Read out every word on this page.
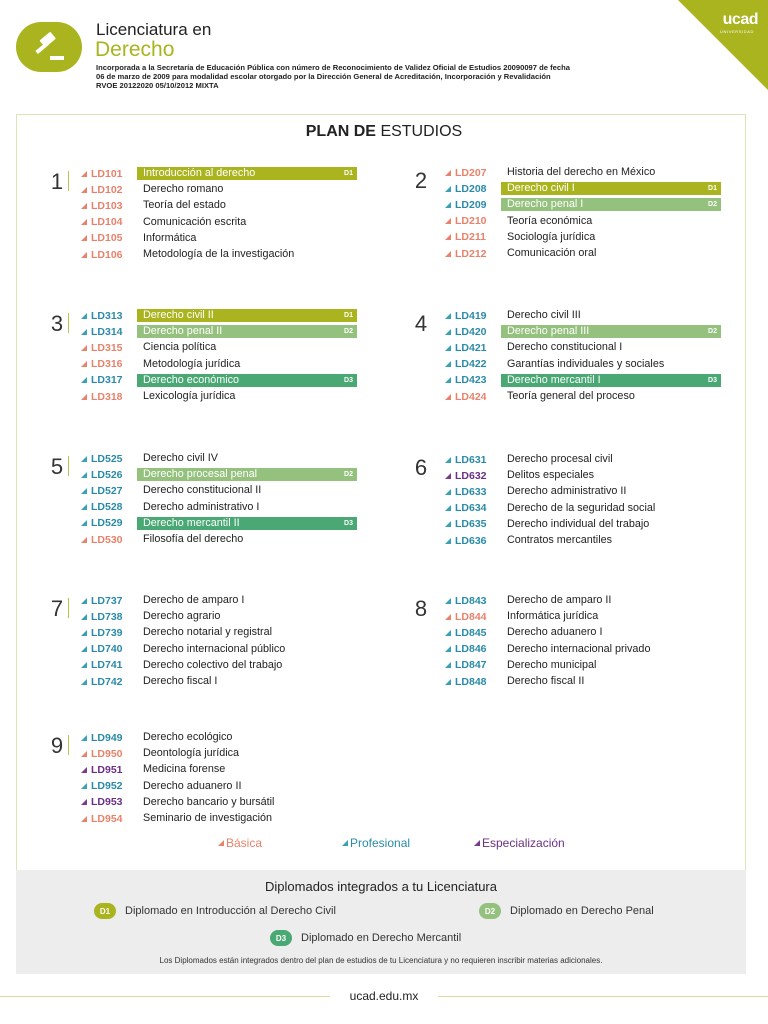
Licenciatura en
Derecho
Incorporada a la Secretaría de Educación Pública con número de Reconocimiento de Validez Oficial de Estudios 20090097 de fecha
06 de marzo de 2009 para modalidad escolar otorgado por la Dirección General de Acreditación, Incorporación y Revalidación
RVOE 20122020 05/10/2012 MIXTA
ucad
UNIVERSIDAD
PLAN DE ESTUDIOS
1	LD101	Introducción al derecho	D1
LD102	Derecho romano
LD103	Teoría del estado
LD104	Comunicación escrita
LD105	Informática
LD106	Metodología de la investigación
2	LD207	Historia del derecho en México
LD208	Derecho civil I	D1
LD209	Derecho penal I	D2
LD210	Teoría económica
LD211	Sociología jurídica
LD212	Comunicación oral
3	LD313	Derecho civil II	D1
LD314	Derecho penal II	D2
LD315	Ciencia política
LD316	Metodología jurídica
LD317	Derecho económico	D3
LD318	Lexicología jurídica
4	LD419	Derecho civil III
LD420	Derecho penal III	D2
LD421	Derecho constitucional I
LD422	Garantías individuales y sociales
LD423	Derecho mercantil I	D3
LD424	Teoría general del proceso
5	LD525	Derecho civil IV
LD526	Derecho procesal penal	D2
LD527	Derecho constitucional II
LD528	Derecho administrativo I
LD529	Derecho mercantil II	D3
LD530	Filosofía del derecho
6	LD631	Derecho procesal civil
LD632	Delitos especiales
LD633	Derecho administrativo II
LD634	Derecho de la seguridad social
LD635	Derecho individual del trabajo
LD636	Contratos mercantiles
7	LD737	Derecho de amparo I
LD738	Derecho agrario
LD739	Derecho notarial y registral
LD740	Derecho internacional público
LD741	Derecho colectivo del trabajo
LD742	Derecho fiscal I
8	LD843	Derecho de amparo II
LD844	Informática jurídica
LD845	Derecho aduanero I
LD846	Derecho internacional privado
LD847	Derecho municipal
LD848	Derecho fiscal II
9	LD949	Derecho ecológico
LD950	Deontología jurídica
LD951	Medicina forense
LD952	Derecho aduanero II
LD953	Derecho bancario y bursátil
LD954	Seminario de investigación
Básica	Profesional	Especialización
Diplomados integrados a tu Licenciatura
D1	Diplomado en Introducción al Derecho Civil	D2	Diplomado en Derecho Penal
D3	Diplomado en Derecho Mercantil
Los Diplomados están integrados dentro del plan de estudios de tu Licenciatura y no requieren inscribir materias adicionales.
ucad.edu.mx
